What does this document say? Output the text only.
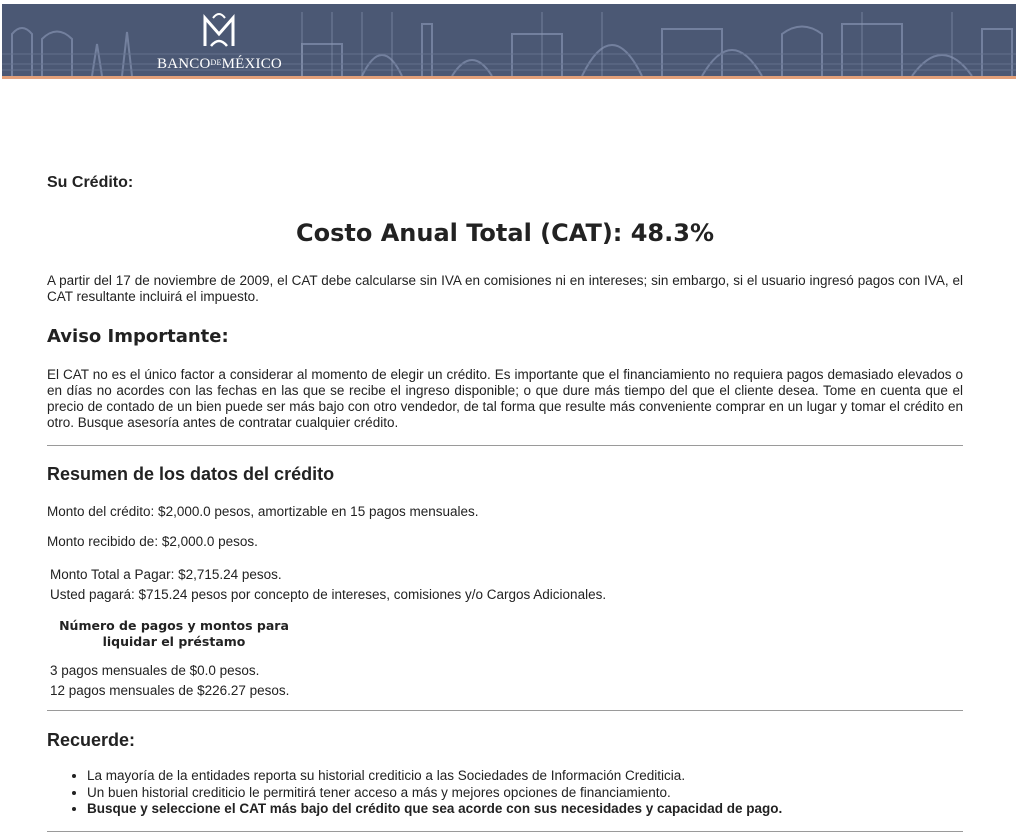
$BANCO^{DE}MÉXICO$
Su Crédito:
Costo Anual Total (CAT): 48.3%

A partir del 17 de noviembre de 2009, el CAT debe calcularse sin IVA en comisiones ni en intereses; sin embargo, si el usuario ingresó pagos con IVA, el CAT resultante incluirá el impuesto.

Aviso Importante:

El CAT no es el único factor a considerar al momento de elegir un crédito. Es importante que el financiamiento no requiera pagos demasiado elevados o en días no acordes con las fechas en las que se recibe el ingreso disponible; o que dure más tiempo del que el cliente desea. Tome en cuenta que el precio de contado de un bien puede ser más bajo con otro vendedor, de tal forma que resulte más conveniente comprar en un lugar y tomar el crédito en otro. Busque asesoría antes de contratar cualquier crédito.

Resumen de los datos del crédito

Monto del crédito: $2,000.0 pesos, amortizable en 15 pagos mensuales.

Monto recibido de: $2,000.0 pesos.

Monto Total a Pagar: $2,715.24 pesos.

Usted pagará: $715.24 pesos por concepto de intereses, comisiones y/o Cargos Adicionales.

Número de pagos y montos para
liquidar el préstamo

3 pagos mensuales de $0.0 pesos.

12 pagos mensuales de $226.27 pesos.

Recuerde:
• La mayoría de la entidades reporta su historial crediticio a las Sociedades de Información Crediticia.
• Un buen historial crediticio le permitirá tener acceso a más y mejores opciones de financiamiento.
• Busque y seleccione el CAT más bajo del crédito que sea acorde con sus necesidades y capacidad de pago.
